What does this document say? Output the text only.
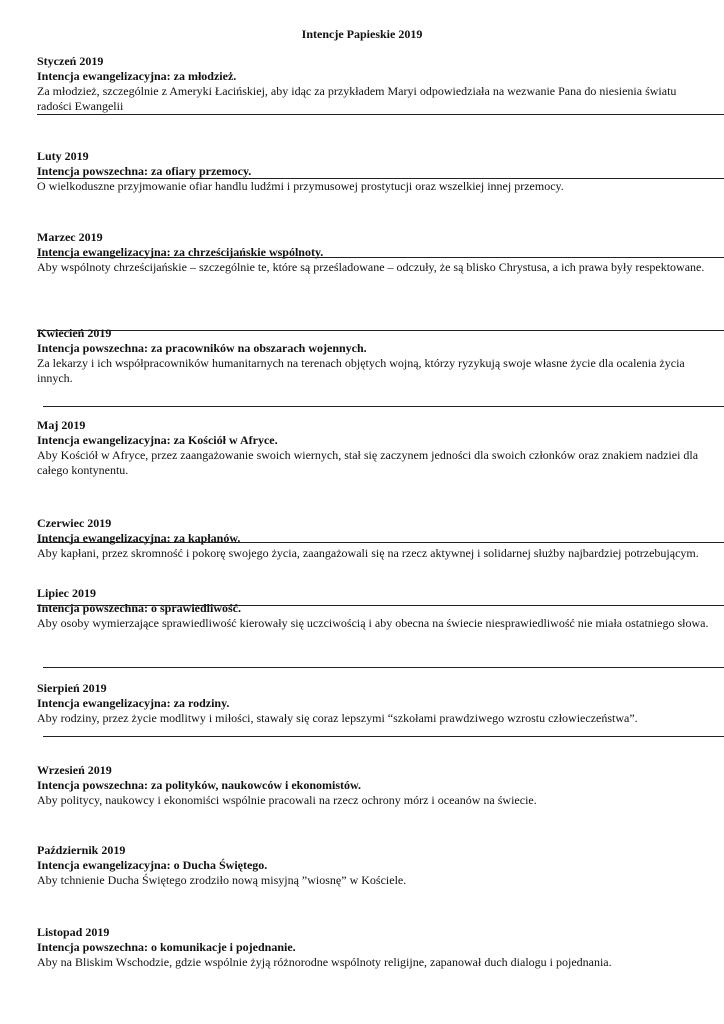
Intencje Papieskie 2019
Styczeń 2019
Intencja ewangelizacyjna: za młodzież.
Za młodzież, szczególnie z Ameryki Łacińskiej, aby idąc za przykładem Maryi odpowiedziała na wezwanie Pana do niesienia światu radości Ewangelii
Luty 2019
Intencja powszechna: za ofiary przemocy.
O wielkoduszne przyjmowanie ofiar handlu ludźmi i przymusowej prostytucji oraz wszelkiej innej przemocy.
Marzec 2019
Intencja ewangelizacyjna: za chrześcijańskie wspólnoty.
Aby wspólnoty chrześcijańskie – szczególnie te, które są prześladowane – odczuły, że są blisko Chrystusa, a ich prawa były respektowane.
Kwiecień 2019
Intencja powszechna: za pracowników na obszarach wojennych.
Za lekarzy i ich współpracowników humanitarnych na terenach objętych wojną, którzy ryzykują swoje własne życie dla ocalenia życia innych.
Maj 2019
Intencja ewangelizacyjna: za Kościół w Afryce.
Aby Kościół w Afryce, przez zaangażowanie swoich wiernych, stał się zaczynem jedności dla swoich członków oraz znakiem nadziei dla całego kontynentu.
Czerwiec 2019
Intencja ewangelizacyjna: za kapłanów.
Aby kapłani, przez skromność i pokorę swojego życia, zaangażowali się na rzecz aktywnej i solidarnej służby najbardziej potrzebującym.
Lipiec 2019
Intencja powszechna: o sprawiedliwość.
Aby osoby wymierzające sprawiedliwość kierowały się uczciwością i aby obecna na świecie niesprawiedliwość nie miała ostatniego słowa.
Sierpień 2019
Intencja ewangelizacyjna: za rodziny.
Aby rodziny, przez życie modlitwy i miłości, stawały się coraz lepszymi “szkołami prawdziwego wzrostu człowieczeństwa”.
Wrzesień 2019
Intencja powszechna: za polityków, naukowców i ekonomistów.
Aby politycy, naukowcy i ekonomiści wspólnie pracowali na rzecz ochrony mórz i oceanów na świecie.
Październik 2019
Intencja ewangelizacyjna: o Ducha Świętego.
Aby tchnienie Ducha Świętego zrodziło nową misyjną ”wiosnę” w Kościele.
Listopad 2019
Intencja powszechna: o komunikacje i pojednanie.
Aby na Bliskim Wschodzie, gdzie wspólnie żyją różnorodne wspólnoty religijne, zapanował duch dialogu i pojednania.
